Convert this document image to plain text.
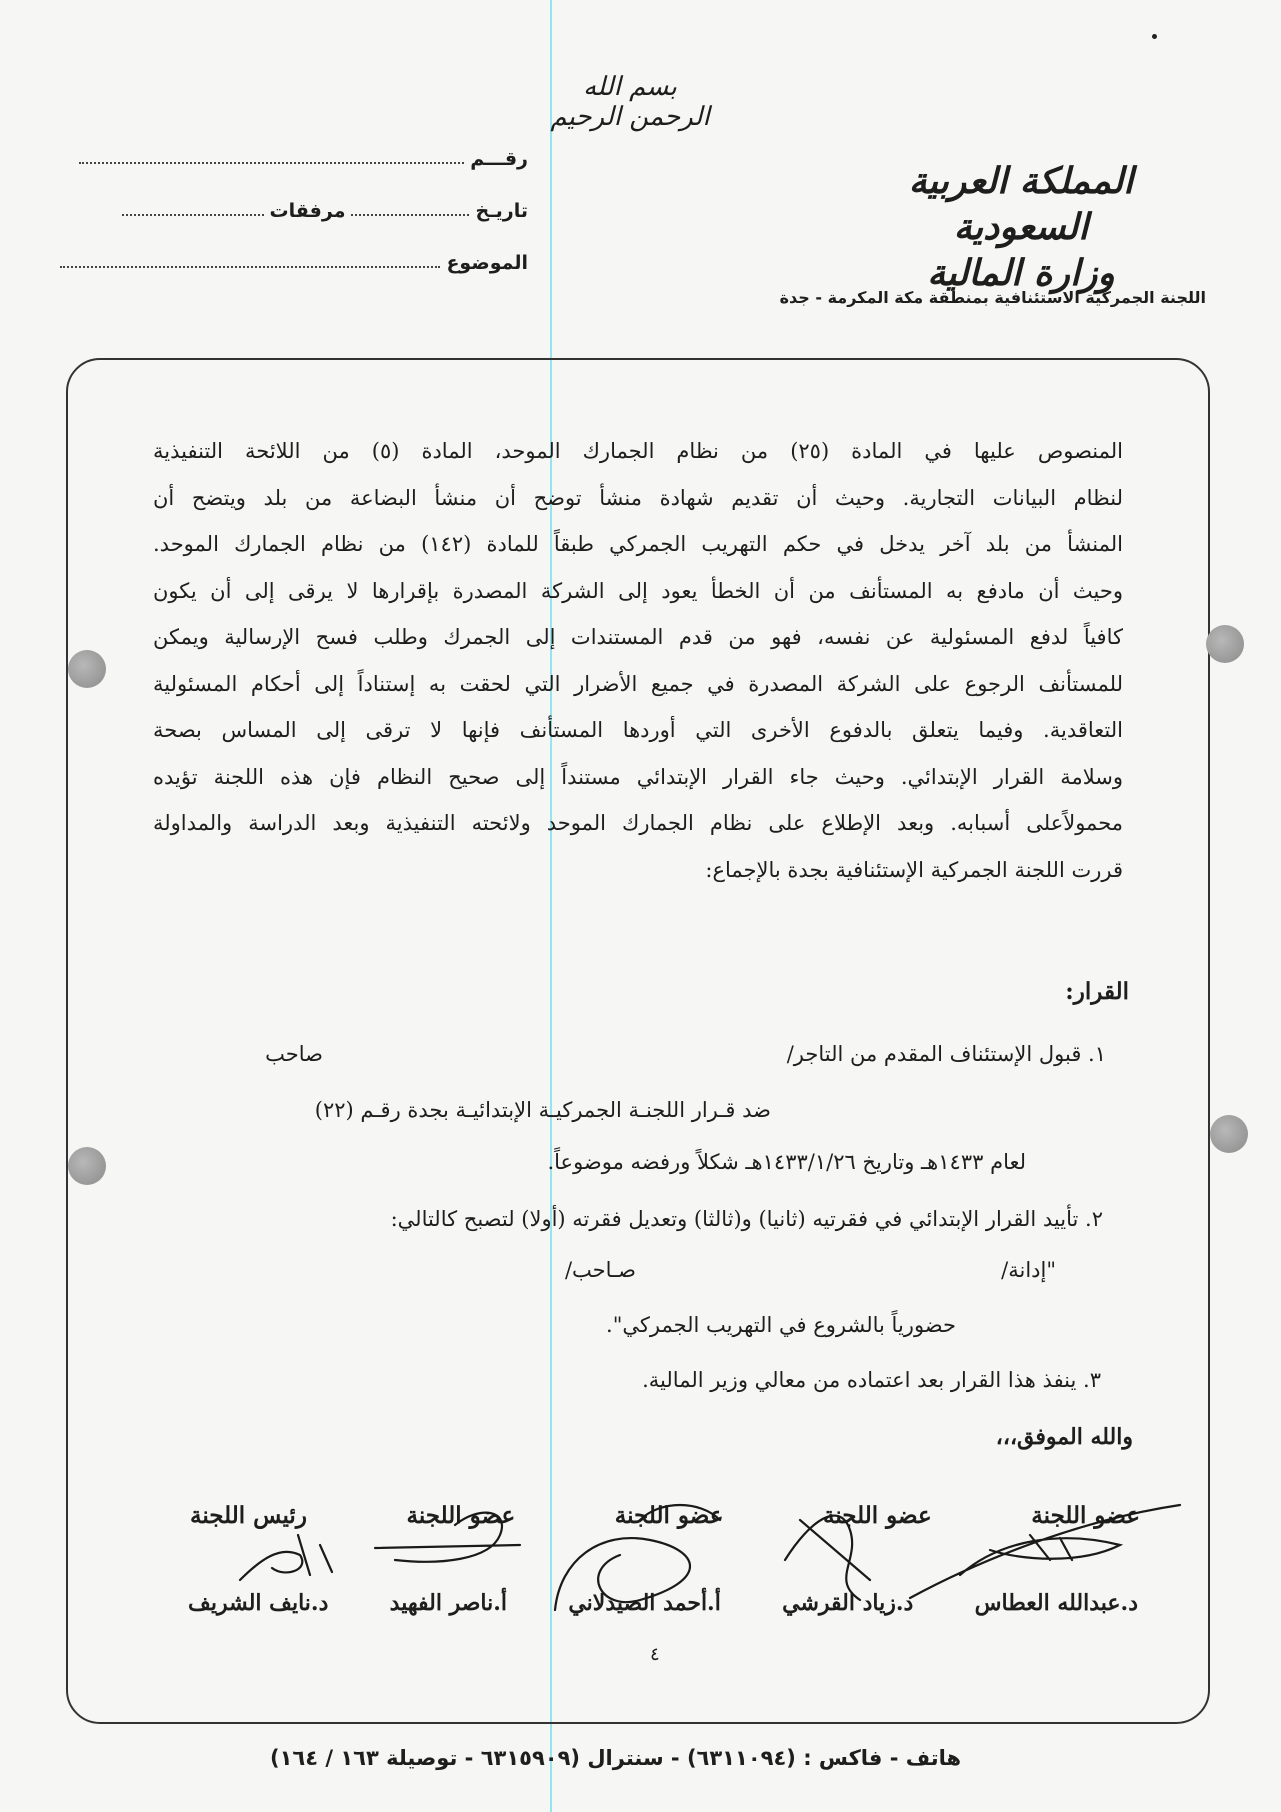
بسم الله الرحمن الرحيم
المملكة العربية السعودية
وزارة المالية
اللجنة الجمركية الاستئنافية بمنطقة مكة المكرمة - جدة
رقـــم
تاريـخ
مرفقات
الموضوع

المنصوص عليها في المادة (٢٥) من نظام الجمارك الموحد، المادة (٥) من اللائحة التنفيذية

لنظام البيانات التجارية. وحيث أن تقديم شهادة منشأ توضح أن منشأ البضاعة من بلد ويتضح أن

المنشأ من بلد آخر يدخل في حكم التهريب الجمركي طبقاً للمادة (١٤٢) من نظام الجمارك الموحد.

وحيث أن مادفع به المستأنف من أن الخطأ يعود إلى الشركة المصدرة بإقرارها لا يرقى إلى أن يكون

كافياً لدفع المسئولية عن نفسه، فهو من قدم المستندات إلى الجمرك وطلب فسح الإرسالية ويمكن

للمستأنف الرجوع على الشركة المصدرة في جميع الأضرار التي لحقت به إستناداً إلى أحكام المسئولية

التعاقدية. وفيما يتعلق بالدفوع الأخرى التي أوردها المستأنف فإنها لا ترقى إلى المساس بصحة

وسلامة القرار الإبتدائي. وحيث جاء القرار الإبتدائي مستنداً إلى صحيح النظام فإن هذه اللجنة تؤيده

محمولاًعلى أسبابه. وبعد الإطلاع على نظام الجمارك الموحد ولائحته التنفيذية وبعد الدراسة والمداولة

قررت اللجنة الجمركية الإستئنافية بجدة بالإجماع:

القرار:
١. قبول الإستئناف المقدم من التاجر/
صاحب
ضد قـرار اللجنـة الجمركيـة الإبتدائيـة بجدة رقـم (٢٢)
لعام ١٤٣٣هـ وتاريخ ١٤٣٣/١/٢٦هـ شكلاً ورفضه موضوعاً.
٢. تأييد القرار الإبتدائي في فقرتيه (ثانيا) و(ثالثا) وتعديل فقرته (أولا) لتصبح كالتالي:
"إدانة/
صـاحب/
حضورياً بالشروع في التهريب الجمركي".
٣. ينفذ هذا القرار بعد اعتماده من معالي وزير المالية.
والله الموفق،،،
عضو اللجنة
عضو اللجنة
عضو اللجنة
عضو اللجنة
رئيس اللجنة
د.عبدالله العطاس
د.زياد القرشي
أ.أحمد الصيدلاني
أ.ناصر الفهيد
د.نايف الشريف
٤
هاتف - فاكس : (٦٣١١٠٩٤) - سنترال (٦٣١٥٩٠٩ - توصيلة ١٦٣ / ١٦٤)
